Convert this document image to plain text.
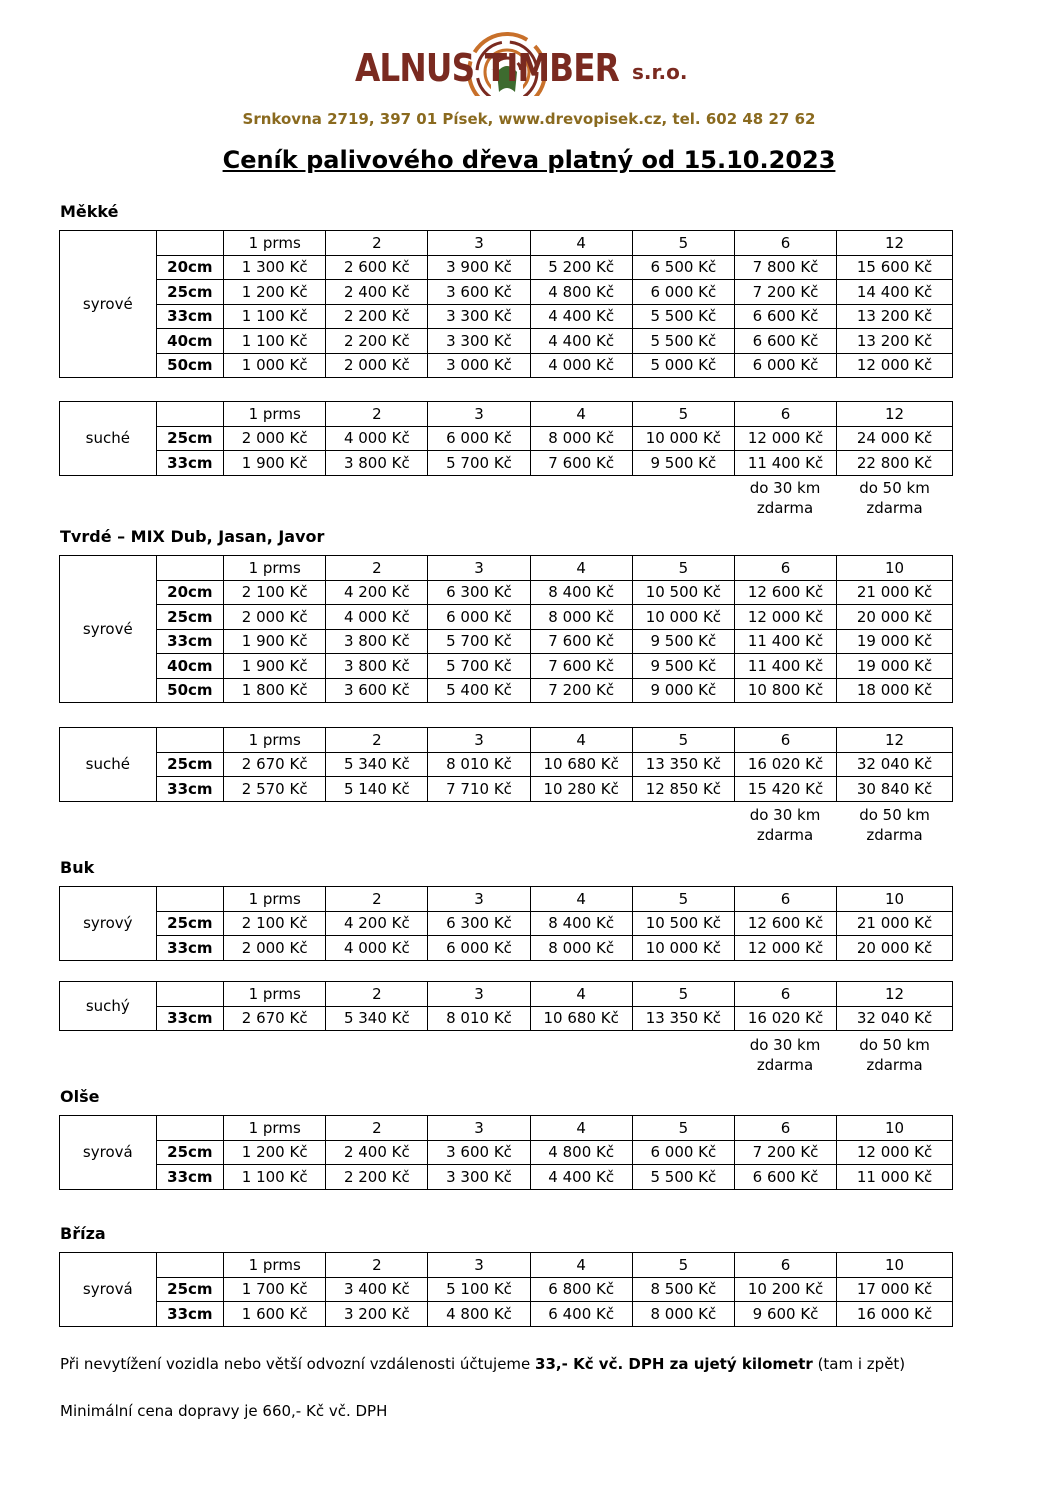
ALNUS TIMBER s.r.o.
Srnkovna 2719, 397 01 Písek, www.drevopisek.cz, tel. 602 48 27 62
Ceník palivového dřeva platný od 15.10.2023
Měkké
syrové		1 prms	2	3	4	5	6	12
	20cm	1 300 Kč	2 600 Kč	3 900 Kč	5 200 Kč	6 500 Kč	7 800 Kč	15 600 Kč
	25cm	1 200 Kč	2 400 Kč	3 600 Kč	4 800 Kč	6 000 Kč	7 200 Kč	14 400 Kč
	33cm	1 100 Kč	2 200 Kč	3 300 Kč	4 400 Kč	5 500 Kč	6 600 Kč	13 200 Kč
	40cm	1 100 Kč	2 200 Kč	3 300 Kč	4 400 Kč	5 500 Kč	6 600 Kč	13 200 Kč
	50cm	1 000 Kč	2 000 Kč	3 000 Kč	4 000 Kč	5 000 Kč	6 000 Kč	12 000 Kč
suché		1 prms	2	3	4	5	6	12
	25cm	2 000 Kč	4 000 Kč	6 000 Kč	8 000 Kč	10 000 Kč	12 000 Kč	24 000 Kč
	33cm	1 900 Kč	3 800 Kč	5 700 Kč	7 600 Kč	9 500 Kč	11 400 Kč	22 800 Kč
do 30 km
zdarma
do 50 km
zdarma
Tvrdé – MIX Dub, Jasan, Javor
syrové		1 prms	2	3	4	5	6	10
	20cm	2 100 Kč	4 200 Kč	6 300 Kč	8 400 Kč	10 500 Kč	12 600 Kč	21 000 Kč
	25cm	2 000 Kč	4 000 Kč	6 000 Kč	8 000 Kč	10 000 Kč	12 000 Kč	20 000 Kč
	33cm	1 900 Kč	3 800 Kč	5 700 Kč	7 600 Kč	9 500 Kč	11 400 Kč	19 000 Kč
	40cm	1 900 Kč	3 800 Kč	5 700 Kč	7 600 Kč	9 500 Kč	11 400 Kč	19 000 Kč
	50cm	1 800 Kč	3 600 Kč	5 400 Kč	7 200 Kč	9 000 Kč	10 800 Kč	18 000 Kč
suché		1 prms	2	3	4	5	6	12
	25cm	2 670 Kč	5 340 Kč	8 010 Kč	10 680 Kč	13 350 Kč	16 020 Kč	32 040 Kč
	33cm	2 570 Kč	5 140 Kč	7 710 Kč	10 280 Kč	12 850 Kč	15 420 Kč	30 840 Kč
do 30 km
zdarma
do 50 km
zdarma
Buk
syrový		1 prms	2	3	4	5	6	10
	25cm	2 100 Kč	4 200 Kč	6 300 Kč	8 400 Kč	10 500 Kč	12 600 Kč	21 000 Kč
	33cm	2 000 Kč	4 000 Kč	6 000 Kč	8 000 Kč	10 000 Kč	12 000 Kč	20 000 Kč
suchý		1 prms	2	3	4	5	6	12
	33cm	2 670 Kč	5 340 Kč	8 010 Kč	10 680 Kč	13 350 Kč	16 020 Kč	32 040 Kč
do 30 km
zdarma
do 50 km
zdarma
Olše
syrová		1 prms	2	3	4	5	6	10
	25cm	1 200 Kč	2 400 Kč	3 600 Kč	4 800 Kč	6 000 Kč	7 200 Kč	12 000 Kč
	33cm	1 100 Kč	2 200 Kč	3 300 Kč	4 400 Kč	5 500 Kč	6 600 Kč	11 000 Kč
Bříza
syrová		1 prms	2	3	4	5	6	10
	25cm	1 700 Kč	3 400 Kč	5 100 Kč	6 800 Kč	8 500 Kč	10 200 Kč	17 000 Kč
	33cm	1 600 Kč	3 200 Kč	4 800 Kč	6 400 Kč	8 000 Kč	9 600 Kč	16 000 Kč
Při nevytížení vozidla nebo větší odvozní vzdálenosti účtujeme 33,- Kč vč. DPH za ujetý kilometr (tam i zpět)
Minimální cena dopravy je 660,- Kč vč. DPH
